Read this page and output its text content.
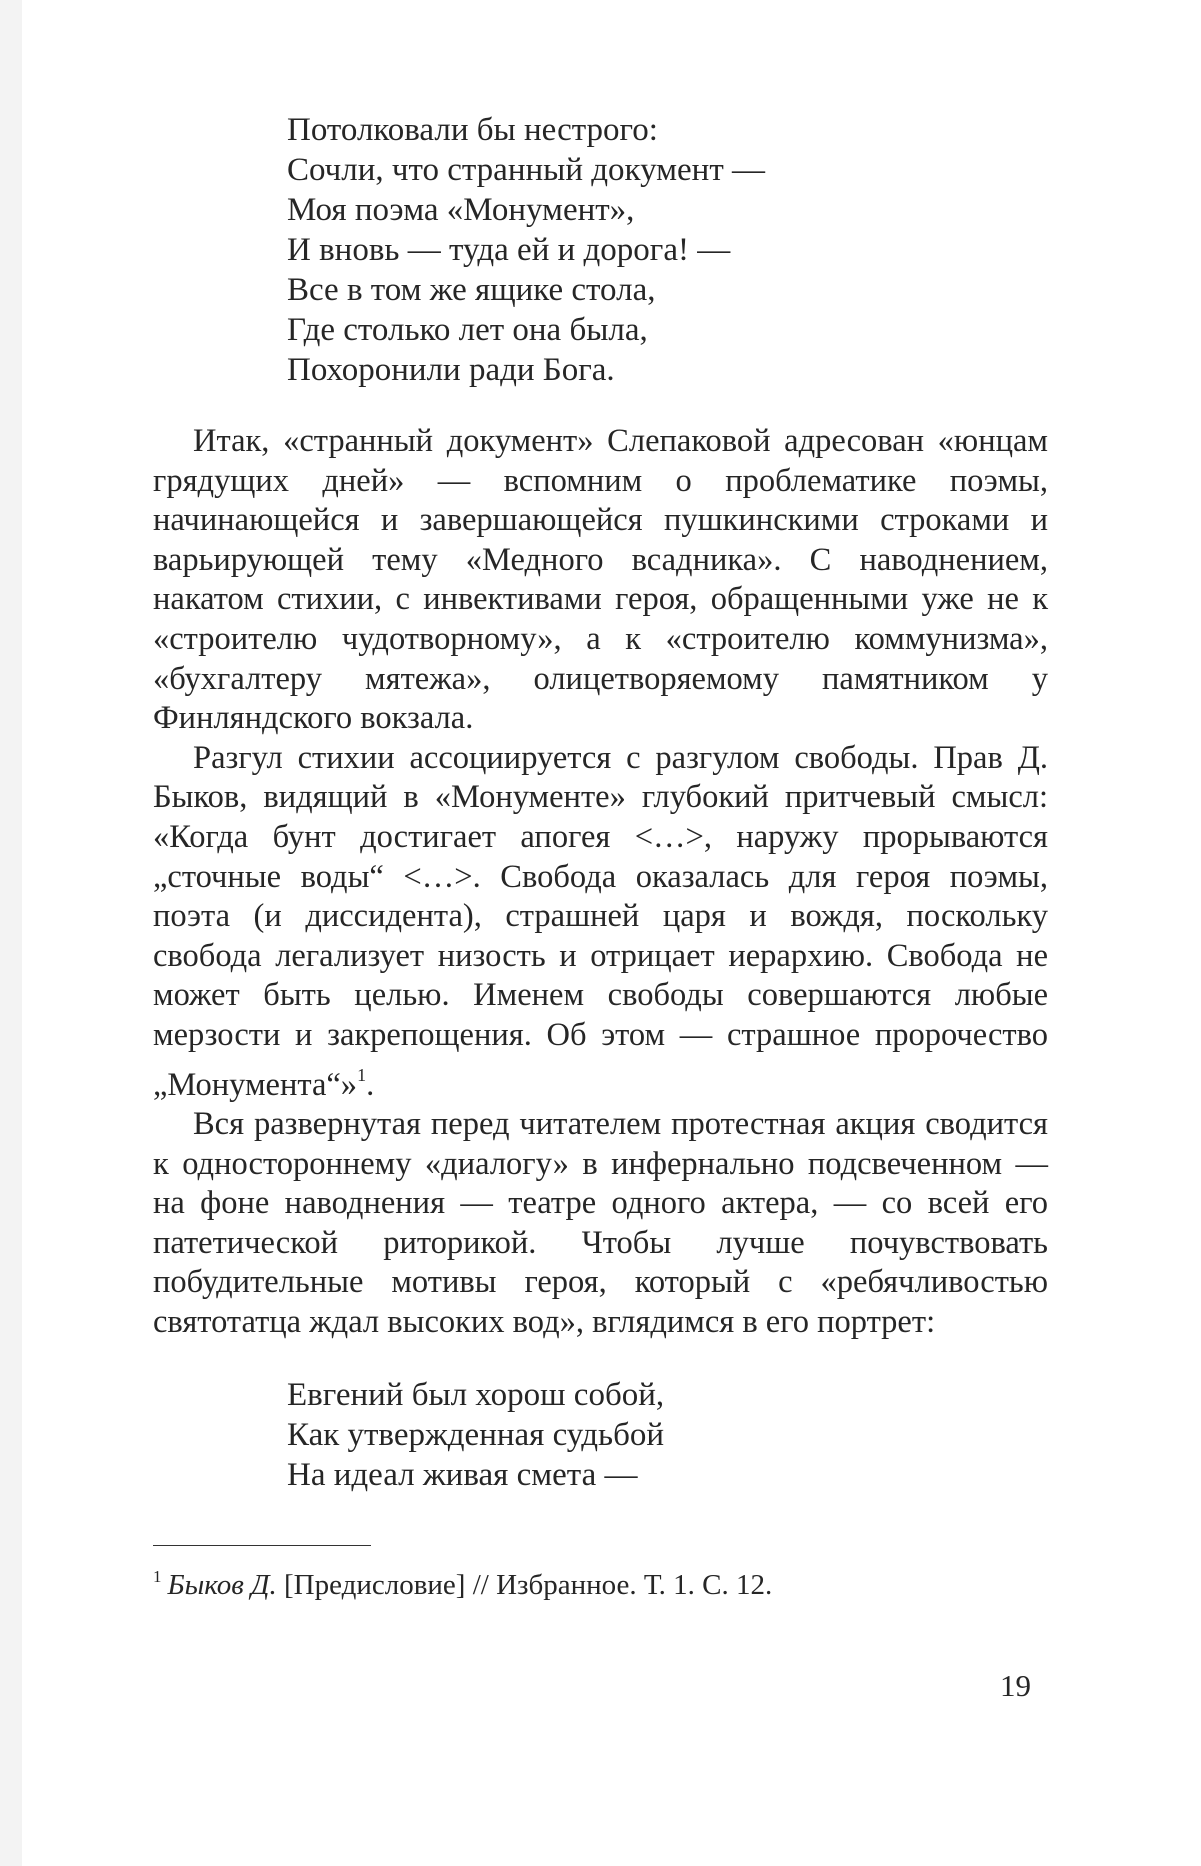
Потолковали бы нестрого:
Сочли, что странный документ —
Моя поэма «Монумент»,
И вновь — туда ей и дорога! —
Все в том же ящике стола,
Где столько лет она была,
Похоронили ради Бога.

Итак, «странный документ» Слепаковой адресован «юнцам грядущих дней» — вспомним о проблематике поэмы, начинающейся и завершающейся пушкинскими строками и варьирующей тему «Медного всадника». С наводнением, накатом стихии, с инвективами героя, обращенными уже не к «строителю чудотворному», а к «строителю коммунизма», «бухгалтеру мятежа», олицетворяемому памятником у Финляндского вокзала.

Разгул стихии ассоциируется с разгулом свободы. Прав Д. Быков, видящий в «Монументе» глубокий притчевый смысл: «Когда бунт достигает апогея <…>, наружу прорываются „сточные воды“ <…>. Свобода оказалась для героя поэмы, поэта (и диссидента), страшней царя и вождя, поскольку свобода легализует низость и отрицает иерархию. Свобода не может быть целью. Именем свободы совершаются любые мерзости и закрепощения. Об этом — страшное пророчество „Монумента“»$^1$.

Вся развернутая перед читателем протестная акция сводится к одностороннему «диалогу» в инфернально подсвеченном — на фоне наводнения — театре одного актера, — со всей его патетической риторикой. Чтобы лучше почувствовать побудительные мотивы героя, который с «ребячливостью святотатца ждал высоких вод», вглядимся в его портрет:

Евгений был хорош собой,
Как утвержденная судьбой
На идеал живая смета —
$^1$ Быков Д. [Предисловие] // Избранное. Т. 1. С. 12.
19
